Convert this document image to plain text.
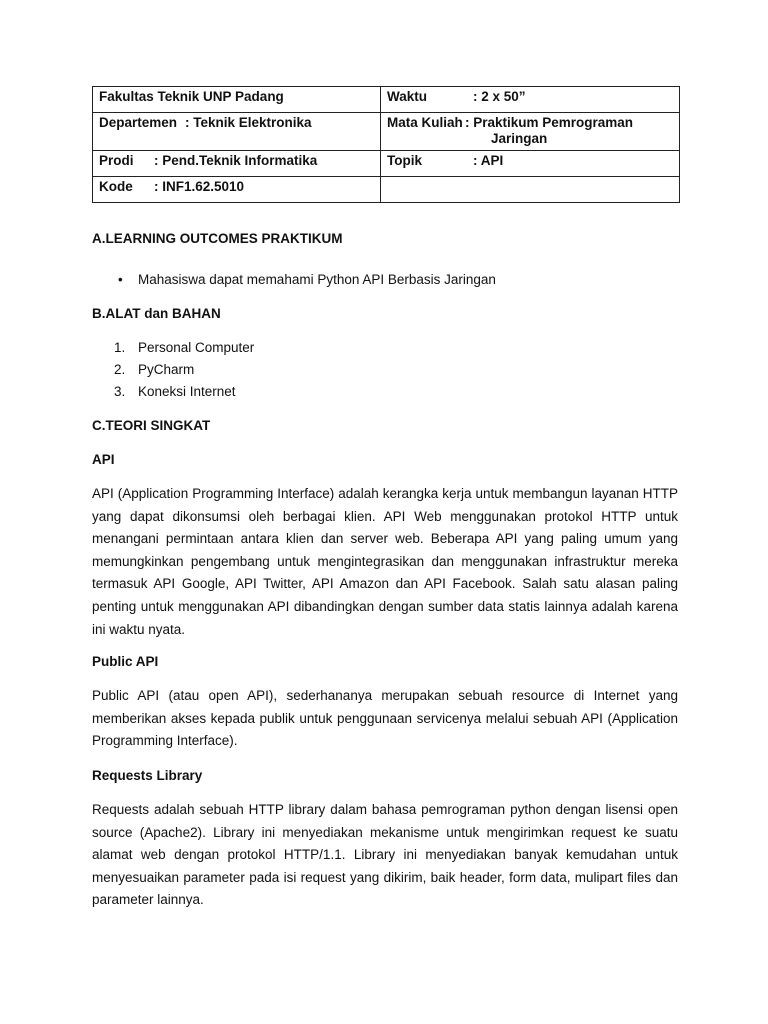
Fakultas Teknik UNP Padang	Waktu : 2 x 50”

Departemen : Teknik Elektronika	Mata Kuliah : Praktikum Pemrograman
Jaringan

Prodi : Pend.Teknik Informatika	Topik : API

Kode : INF1.62.5010	

A.LEARNING OUTCOMES PRAKTIKUM

• Mahasiswa dapat memahami Python API Berbasis Jaringan

B.ALAT dan BAHAN

1. Personal Computer
2. PyCharm
3. Koneksi Internet

C.TEORI SINGKAT

API

API (Application Programming Interface) adalah kerangka kerja untuk membangun layanan HTTP yang dapat dikonsumsi oleh berbagai klien. API Web menggunakan protokol HTTP untuk menangani permintaan antara klien dan server web. Beberapa API yang paling umum yang memungkinkan pengembang untuk mengintegrasikan dan menggunakan infrastruktur mereka termasuk API Google, API Twitter, API Amazon dan API Facebook. Salah satu alasan paling penting untuk menggunakan API dibandingkan dengan sumber data statis lainnya adalah karena ini waktu nyata.

Public API

Public API (atau open API), sederhananya merupakan sebuah resource di Internet yang memberikan akses kepada publik untuk penggunaan servicenya melalui sebuah API (Application Programming Interface).

Requests Library

Requests adalah sebuah HTTP library dalam bahasa pemrograman python dengan lisensi open source (Apache2). Library ini menyediakan mekanisme untuk mengirimkan request ke suatu alamat web dengan protokol HTTP/1.1. Library ini menyediakan banyak kemudahan untuk menyesuaikan parameter pada isi request yang dikirim, baik header, form data, mulipart files dan parameter lainnya.
